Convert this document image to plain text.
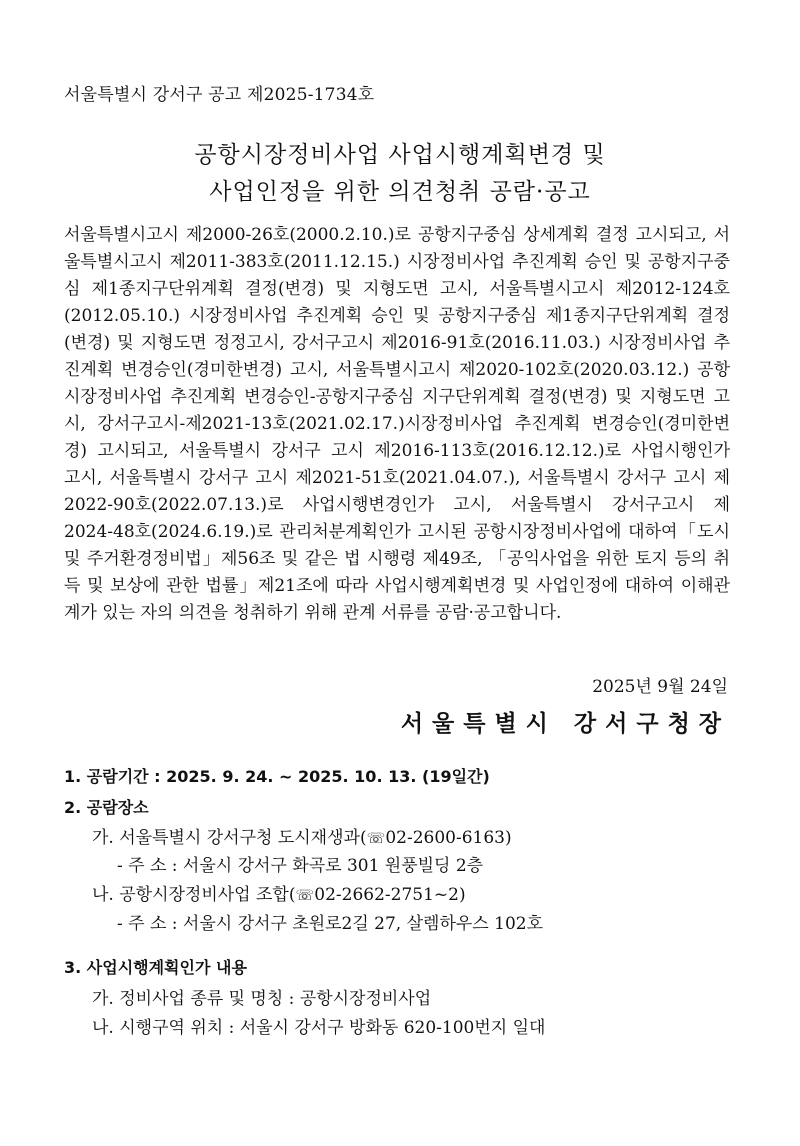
서울특별시 강서구 공고 제2025-1734호
공항시장정비사업 사업시행계획변경 및
사업인정을 위한 의견청취 공람·공고
서울특별시고시 제2000-26호(2000.2.10.)로 공항지구중심 상세계획 결정 고시되고, 서
울특별시고시 제2011-383호(2011.12.15.) 시장정비사업 추진계획 승인 및 공항지구중
심 제1종지구단위계획 결정(변경) 및 지형도면 고시, 서울특별시고시 제2012-124호
(2012.05.10.) 시장정비사업 추진계획 승인 및 공항지구중심 제1종지구단위계획 결정
(변경) 및 지형도면 정정고시, 강서구고시 제2016-91호(2016.11.03.) 시장정비사업 추
진계획 변경승인(경미한변경) 고시, 서울특별시고시 제2020-102호(2020.03.12.) 공항
시장정비사업 추진계획 변경승인-공항지구중심 지구단위계획 결정(변경) 및 지형도면 고
시, 강서구고시-제2021-13호(2021.02.17.)시장정비사업 추진계획 변경승인(경미한변
경) 고시되고, 서울특별시 강서구 고시 제2016-113호(2016.12.12.)로 사업시행인가
고시, 서울특별시 강서구 고시 제2021-51호(2021.04.07.), 서울특별시 강서구 고시 제
2022-90호(2022.07.13.)로 사업시행변경인가 고시, 서울특별시 강서구고시 제
2024-48호(2024.6.19.)로 관리처분계획인가 고시된 공항시장정비사업에 대하여「도시
및 주거환경정비법」제56조 및 같은 법 시행령 제49조, 「공익사업을 위한 토지 등의 취
득 및 보상에 관한 법률」제21조에 따라 사업시행계획변경 및 사업인정에 대하여 이해관
계가 있는 자의 의견을 청취하기 위해 관계 서류를 공람·공고합니다.
2025년 9월 24일
서울특별시 강서구청장
1. 공람기간 : 2025. 9. 24. ~ 2025. 10. 13. (19일간)
2. 공람장소
가. 서울특별시 강서구청 도시재생과(☏02-2600-6163)
- 주 소 : 서울시 강서구 화곡로 301 원풍빌딩 2층
나. 공항시장정비사업 조합(☏02-2662-2751~2)
- 주 소 : 서울시 강서구 초원로2길 27, 살렘하우스 102호
3. 사업시행계획인가 내용
가. 정비사업 종류 및 명칭 : 공항시장정비사업
나. 시행구역 위치 : 서울시 강서구 방화동 620-100번지 일대
